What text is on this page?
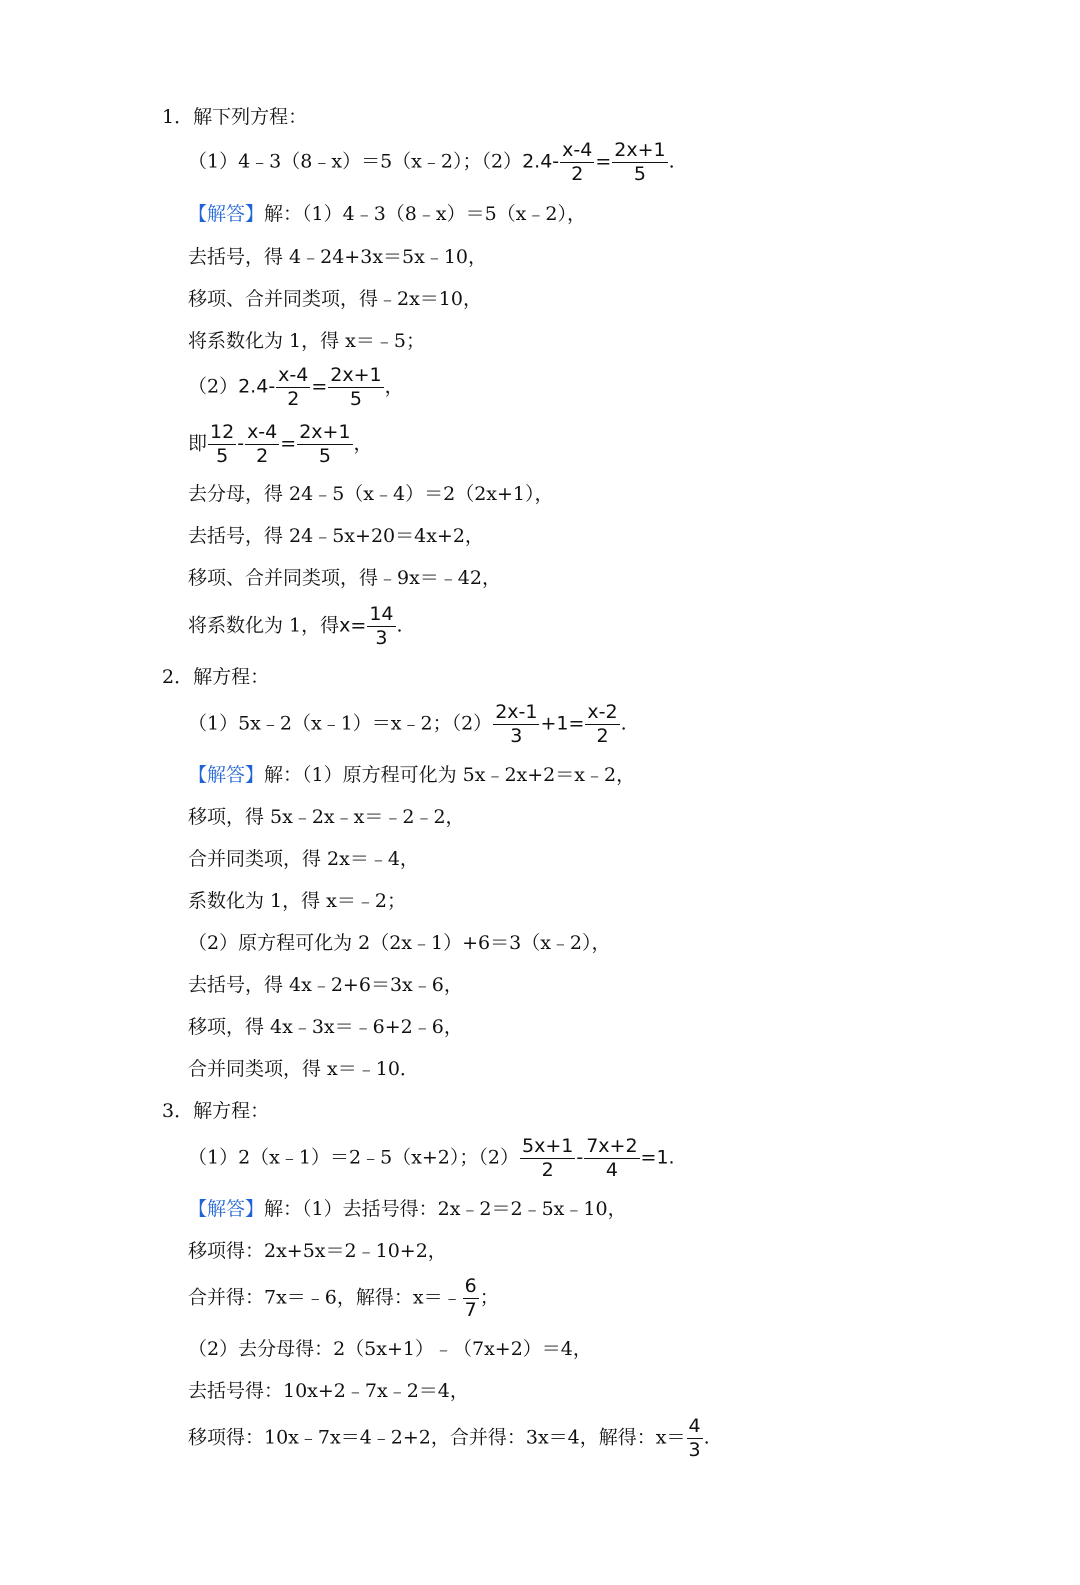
1．解下列方程：
（1）4﹣3（8﹣x）＝5（x﹣2）；$(2)2.4- \frac{x-4}{2} = \frac{2x+1}{5}$ .
【解答】解：（1）4﹣3（8﹣x）＝5（x﹣2），
去括号，得 4﹣24+3x＝5x﹣10，
移项、合并同类项，得﹣2x＝10，
将系数化为 1，得 x＝﹣5；
$(2)2.4- \frac{x-4}{2} = \frac{2x+1}{5}$ ，
即 $\frac{12}{5} - \frac{x-4}{2} = \frac{2x+1}{5}$ ，
去分母，得 24﹣5（x﹣4）＝2（2x+1），
去括号，得 24﹣5x+20＝4x+2，
移项、合并同类项，得﹣9x＝﹣42，
将系数化为 1，得$x= \frac{14}{3}$ .
2．解方程：
（1）5x﹣2（x﹣1）＝x﹣2；$(2) \frac{2x-1}{3} +1= \frac{x-2}{2}$ .
【解答】解：（1）原方程可化为 5x﹣2x+2＝x﹣2，
移项，得 5x﹣2x﹣x＝﹣2﹣2，
合并同类项，得 2x＝﹣4，
系数化为 1，得 x＝﹣2；
（2）原方程可化为 2（2x﹣1）+6＝3（x﹣2），
去括号，得 4x﹣2+6＝3x﹣6，
移项，得 4x﹣3x＝﹣6+2﹣6，
合并同类项，得 x＝﹣10．
3．解方程：
（1）2（x﹣1）＝2﹣5（x+2）；$(2) \frac{5x+1}{2} - \frac{7x+2}{4} =1$.
【解答】解：（1）去括号得：2x﹣2＝2﹣5x﹣10，
移项得：2x+5x＝2﹣10+2，
合并得：7x＝﹣6，解得：x＝﹣ $\frac{6}{7}$ ；
（2）去分母得：2（5x+1）﹣（7x+2）＝4，
去括号得：10x+2﹣7x﹣2＝4，
移项得：10x﹣7x＝4﹣2+2，合并得：3x＝4，解得：$x= \frac{4}{3}$ .
